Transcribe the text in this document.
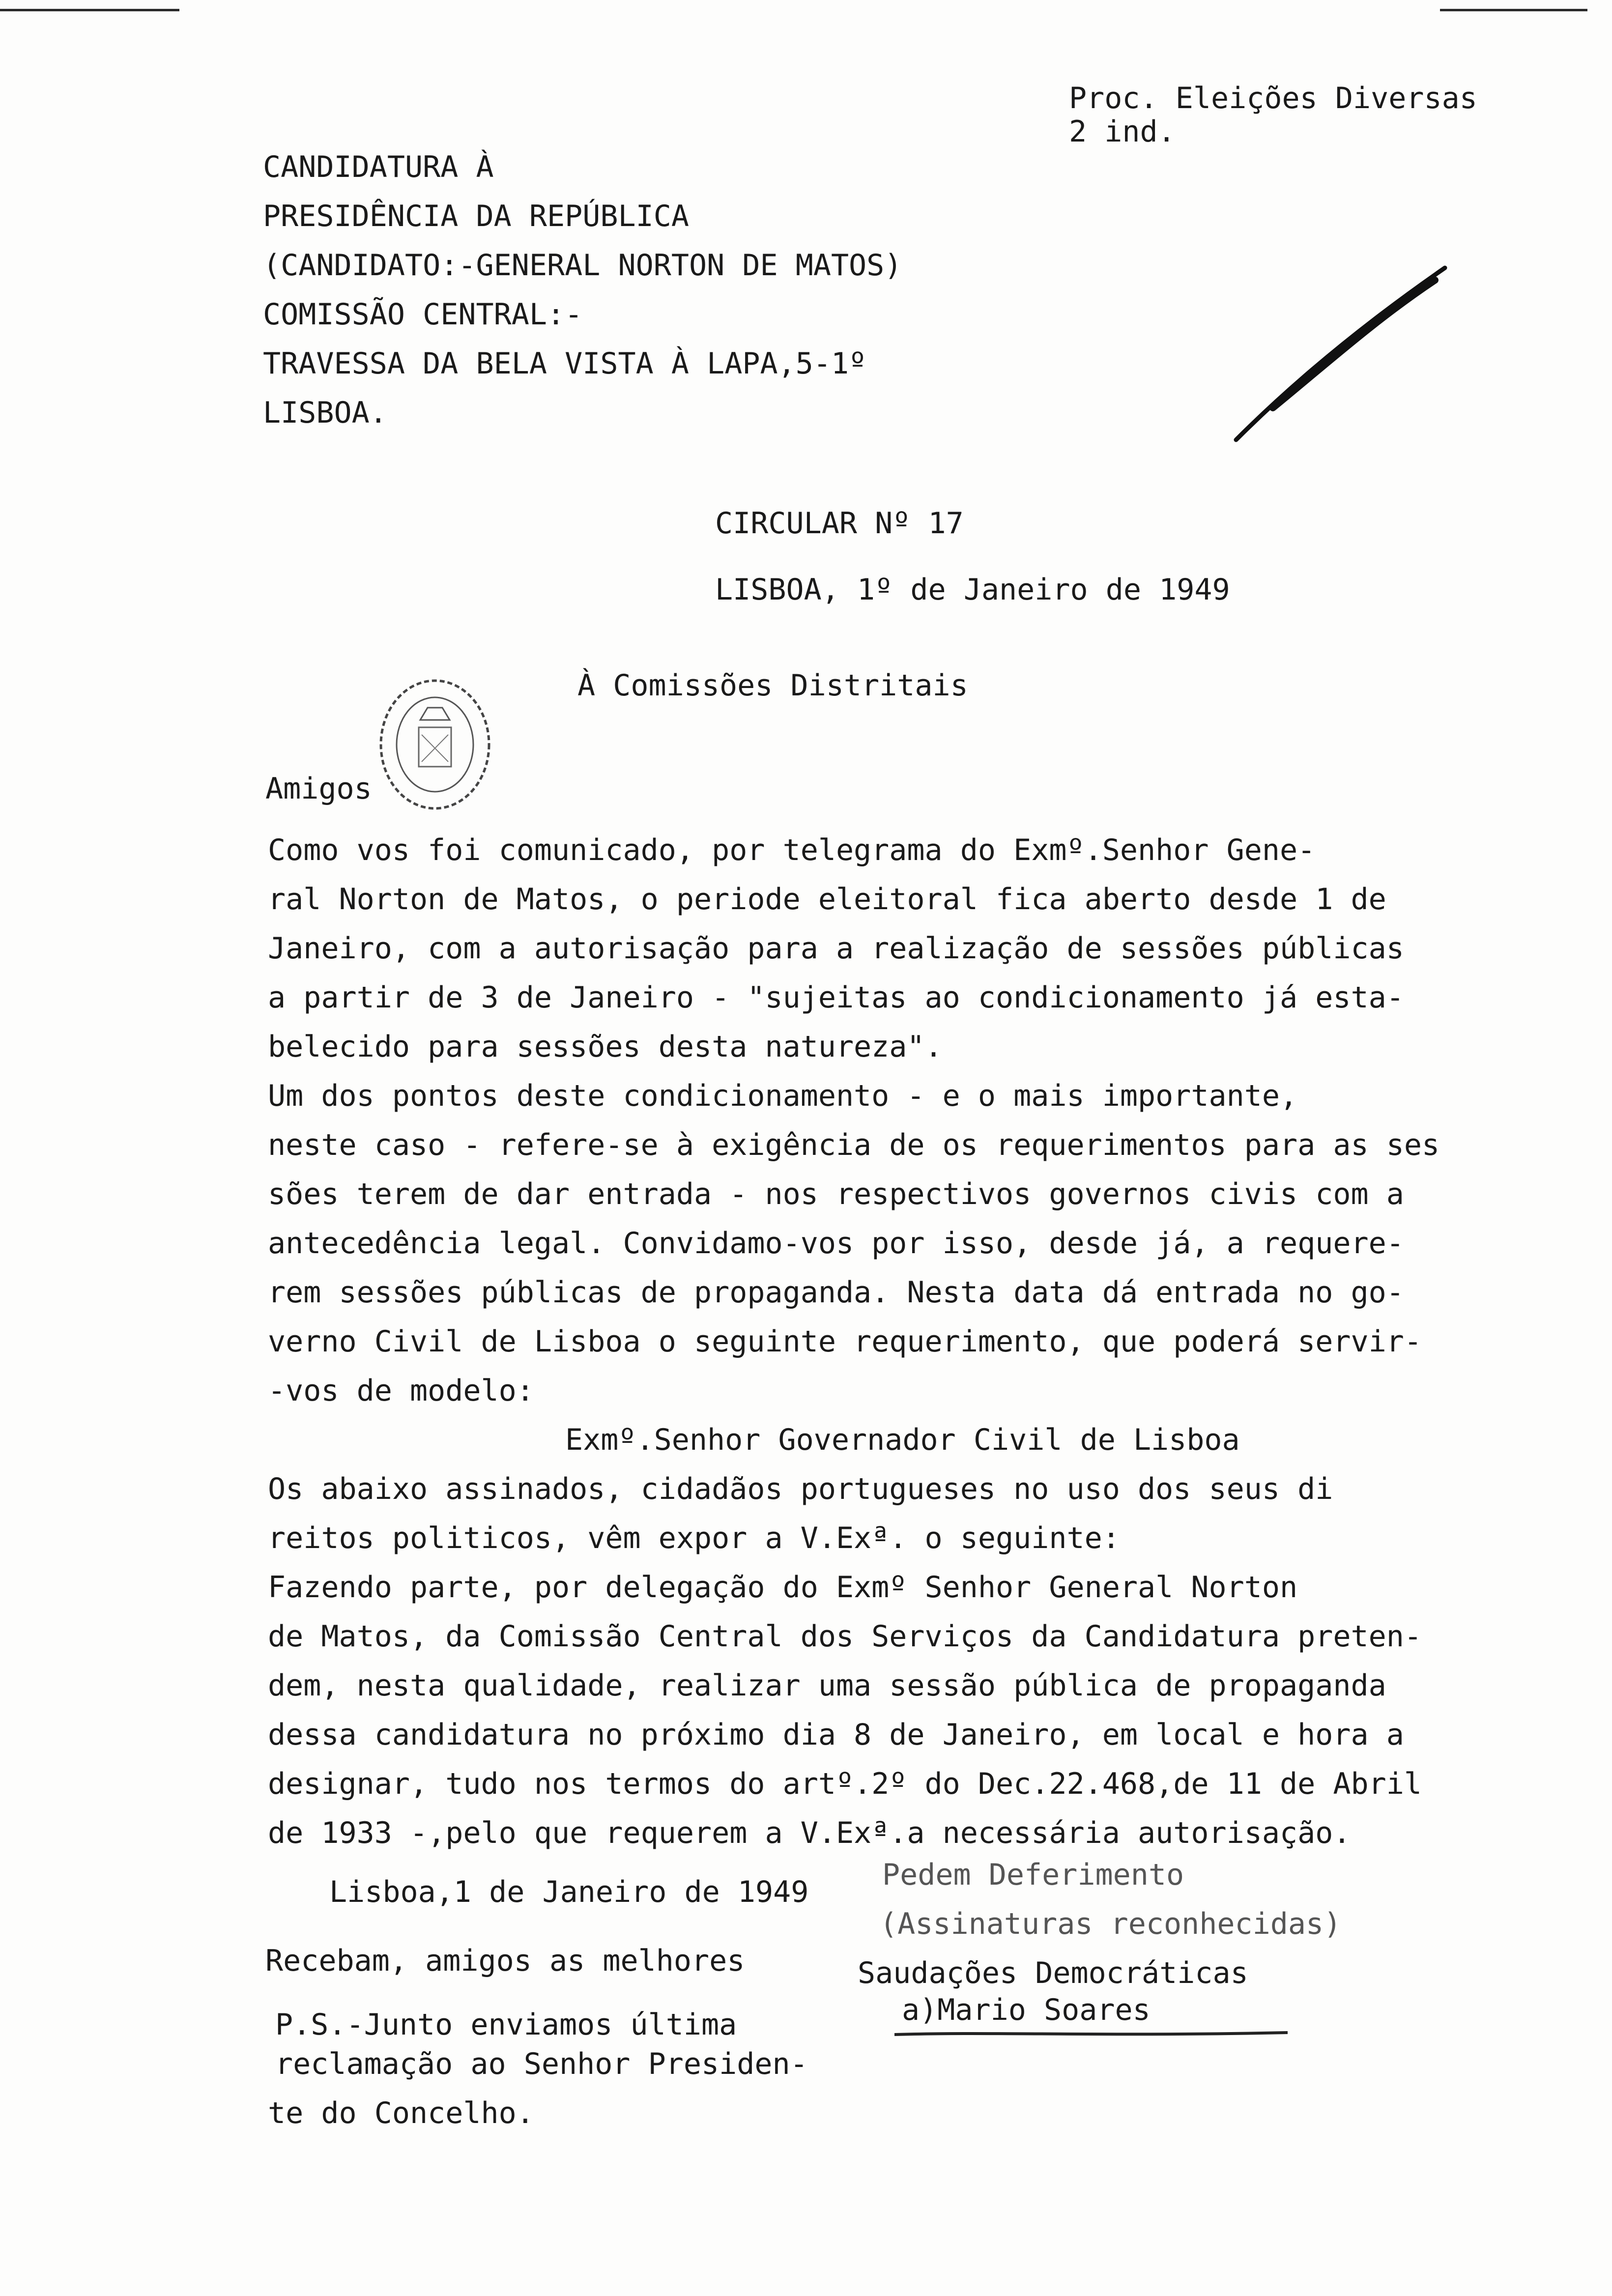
Proc. Eleições Diversas
2 ind.
CANDIDATURA À
PRESIDÊNCIA DA REPÚBLICA
(CANDIDATO:-GENERAL NORTON DE MATOS)
COMISSÃO CENTRAL:-
TRAVESSA DA BELA VISTA À LAPA,5-1º
LISBOA.
CIRCULAR Nº 17
LISBOA, 1º de Janeiro de 1949
À Comissões Distritais
Amigos
Como vos foi comunicado, por telegrama do Exmº.Senhor Gene-
ral Norton de Matos, o periode eleitoral fica aberto desde 1 de
Janeiro, com a autorisação para a realização de sessões públicas
a partir de 3 de Janeiro - "sujeitas ao condicionamento já esta-
belecido para sessões desta natureza".
Um dos pontos deste condicionamento - e o mais importante,
neste caso - refere-se à exigência de os requerimentos para as ses
sões terem de dar entrada - nos respectivos governos civis com a
antecedência legal. Convidamo-vos por isso, desde já, a requere-
rem sessões públicas de propaganda. Nesta data dá entrada no go-
verno Civil de Lisboa o seguinte requerimento, que poderá servir-
-vos de modelo:
Exmº.Senhor Governador Civil de Lisboa
Os abaixo assinados, cidadãos portugueses no uso dos seus di
reitos politicos, vêm expor a V.Exª. o seguinte:
Fazendo parte, por delegação do Exmº Senhor General Norton
de Matos, da Comissão Central dos Serviços da Candidatura preten-
dem, nesta qualidade, realizar uma sessão pública de propaganda
dessa candidatura no próximo dia 8 de Janeiro, em local e hora a
designar, tudo nos termos do artº.2º do Dec.22.468,de 11 de Abril
de 1933 -,pelo que requerem a V.Exª.a necessária autorisação.
Lisboa,1 de Janeiro de 1949 Pedem Deferimento
(Assinaturas reconhecidas)
Recebam, amigos as melhores	Saudações Democráticas
a)Mario Soares
P.S.-Junto enviamos última
reclamação ao Senhor Presiden-
te do Concelho.
